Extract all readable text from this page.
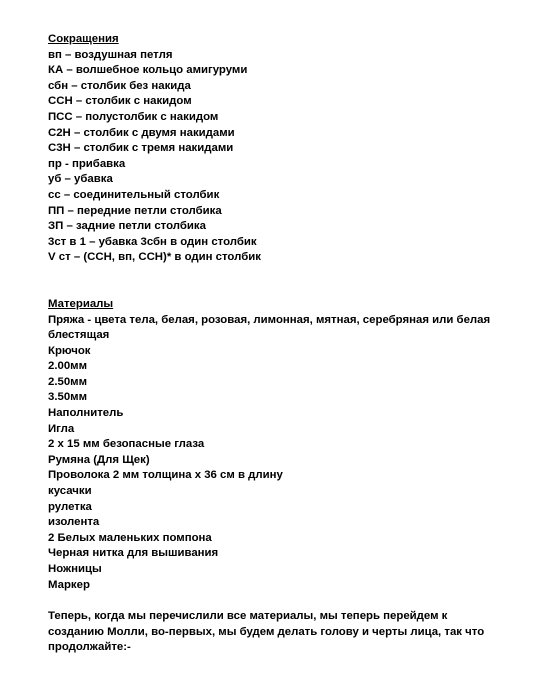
Сокращения
вп – воздушная петля
КА – волшебное кольцо амигуруми
сбн – столбик без накида
ССН – столбик с накидом
ПСС – полустолбик с накидом
С2Н – столбик с двумя накидами
С3Н – столбик с тремя накидами
пр - прибавка
уб – убавка
сс – соединительный столбик
ПП – передние петли столбика
ЗП – задние петли столбика
3ст в 1 – убавка 3сбн в один столбик
V ст – (ССН, вп, ССН)* в один столбик
Материалы
Пряжа - цвета тела, белая, розовая, лимонная, мятная, серебряная или белая блестящая
Крючок
2.00мм
2.50мм
3.50мм
Наполнитель
Игла
2 х 15 мм безопасные глаза
Румяна (Для Щек)
Проволока 2 мм толщина х 36 см в длину
кусачки
рулетка
изолента
2 Белых маленьких помпона
Черная нитка для вышивания
Ножницы
Маркер
Теперь, когда мы перечислили все материалы, мы теперь перейдем к созданию Молли, во-первых, мы будем делать голову и черты лица, так что продолжайте:-
